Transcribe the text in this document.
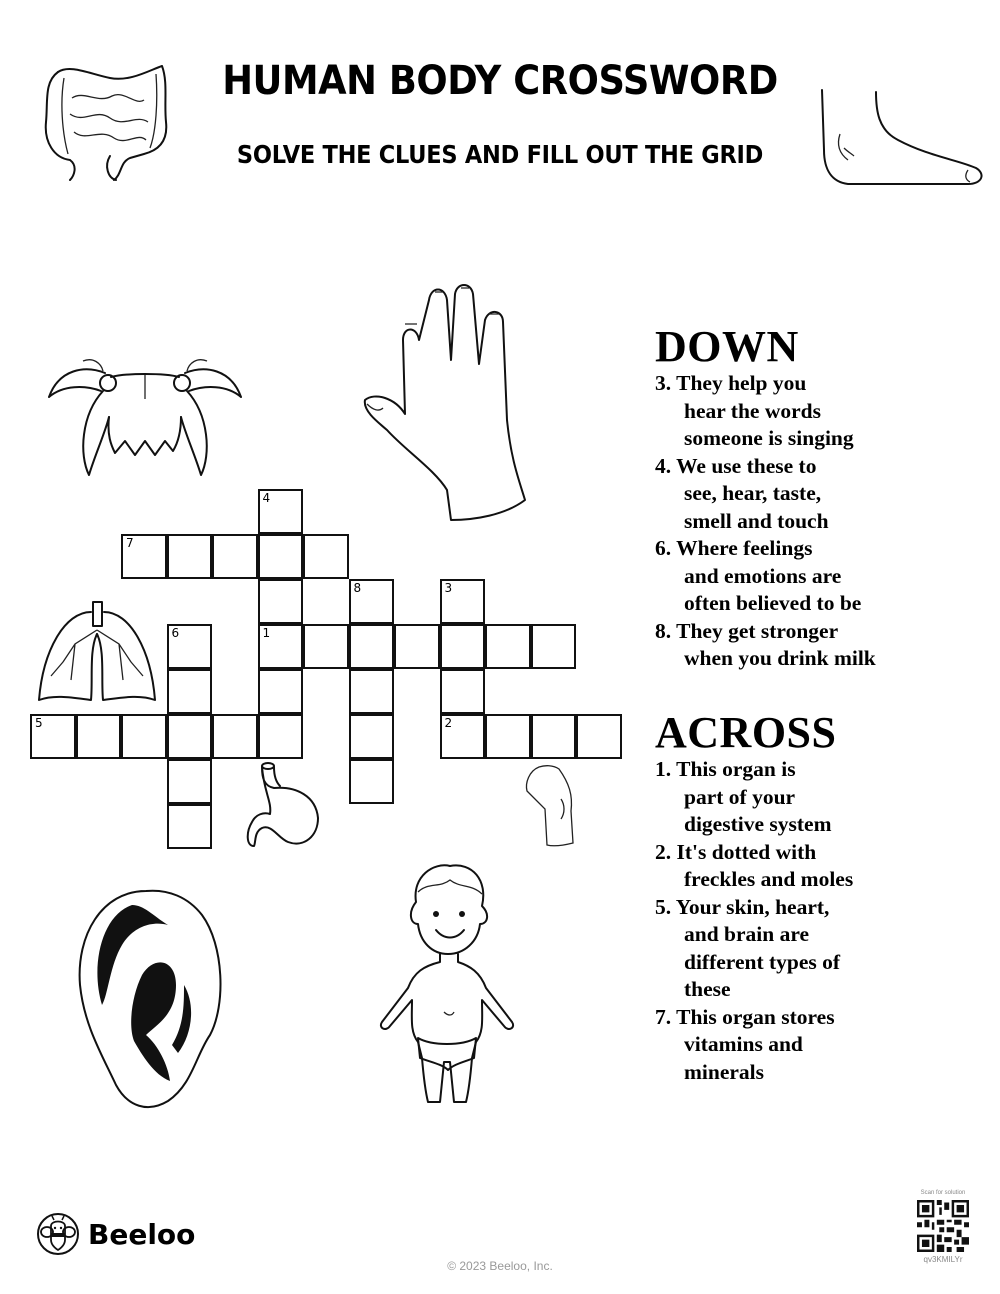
HUMAN BODY CROSSWORD
SOLVE THE CLUES AND FILL OUT THE GRID
1
2
3
4
5
6
7
8
DOWN
3. They help you
hear the words
someone is singing
4. We use these to
see, hear, taste,
smell and touch
6. Where feelings
and emotions are
often believed to be
8. They get stronger
when you drink milk
ACROSS
1. This organ is
part of your
digestive system
2. It's dotted with
freckles and moles
5. Your skin, heart,
and brain are
different types of
these
7. This organ stores
vitamins and
minerals
Beeloo
© 2023 Beeloo, Inc.
Scan for solution
qv3KMILYr
